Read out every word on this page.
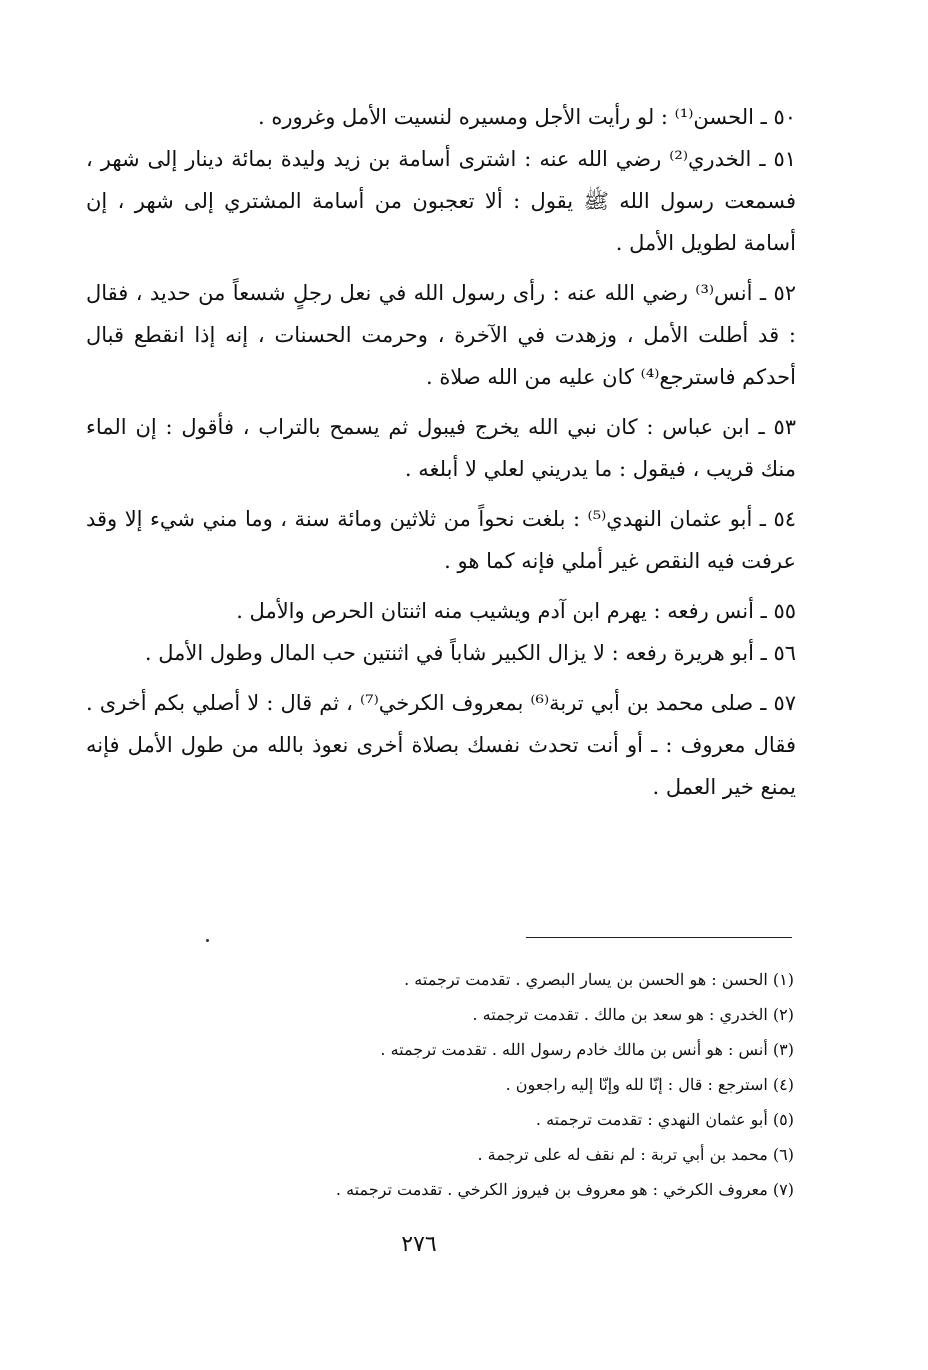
٥٠ ـ الحسن⁽¹⁾ : لو رأيت الأجل ومسيره لنسيت الأمل وغروره .

٥١ ـ الخدري⁽²⁾ رضي الله عنه : اشترى أسامة بن زيد وليدة بمائة دينار إلى شهر ، فسمعت رسول الله ﷺ يقول : ألا تعجبون من أسامة المشتري إلى شهر ، إن أسامة لطويل الأمل .

٥٢ ـ أنس⁽³⁾ رضي الله عنه : رأى رسول الله في نعل رجلٍ شسعاً من حديد ، فقال : قد أطلت الأمل ، وزهدت في الآخرة ، وحرمت الحسنات ، إنه إذا انقطع قبال أحدكم فاسترجع⁽⁴⁾ كان عليه من الله صلاة .

٥٣ ـ ابن عباس : كان نبي الله يخرج فيبول ثم يسمح بالتراب ، فأقول : إن الماء منك قريب ، فيقول : ما يدريني لعلي لا أبلغه .

٥٤ ـ أبو عثمان النهدي⁽⁵⁾ : بلغت نحواً من ثلاثين ومائة سنة ، وما مني شيء إلا وقد عرفت فيه النقص غير أملي فإنه كما هو .

٥٥ ـ أنس رفعه : يهرم ابن آدم ويشيب منه اثنتان الحرص والأمل .

٥٦ ـ أبو هريرة رفعه : لا يزال الكبير شاباً في اثنتين حب المال وطول الأمل .

٥٧ ـ صلى محمد بن أبي تربة⁽⁶⁾ بمعروف الكرخي⁽⁷⁾ ، ثم قال : لا أصلي بكم أخرى . فقال معروف : ـ أو أنت تحدث نفسك بصلاة أخرى نعوذ بالله من طول الأمل فإنه يمنع خير العمل .

(١) الحسن : هو الحسن بن يسار البصري . تقدمت ترجمته .

(٢) الخدري : هو سعد بن مالك . تقدمت ترجمته .

(٣) أنس : هو أنس بن مالك خادم رسول الله . تقدمت ترجمته .

(٤) استرجع : قال : إنّا لله وإنّا إليه راجعون .

(٥) أبو عثمان النهدي : تقدمت ترجمته .

(٦) محمد بن أبي تربة : لم نقف له على ترجمة .

(٧) معروف الكرخي : هو معروف بن فيروز الكرخي . تقدمت ترجمته .

٢٧٦
